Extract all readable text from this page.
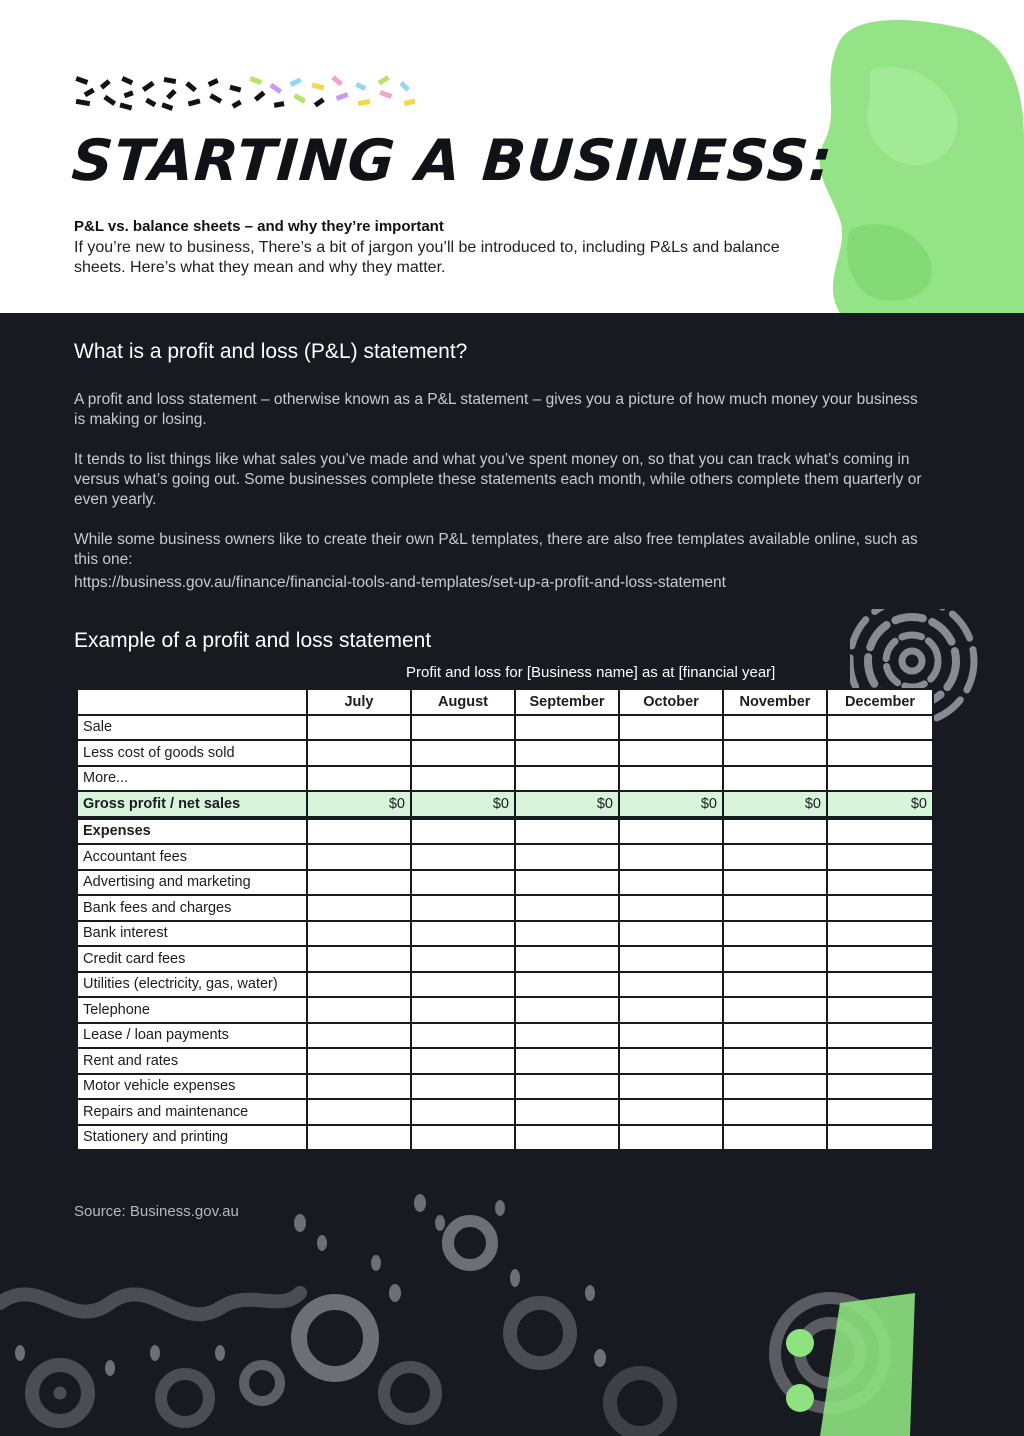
STARTING A BUSINESS:

P&L vs. balance sheets – and why they’re important

If you’re new to business, There’s a bit of jargon you’ll be introduced to, including P&Ls and balance sheets. Here’s what they mean and why they matter.

What is a profit and loss (P&L) statement?

A profit and loss statement – otherwise known as a P&L statement – gives you a picture of how much money your business is making or losing.

It tends to list things like what sales you’ve made and what you’ve spent money on, so that you can track what’s coming in versus what’s going out. Some businesses complete these statements each month, while others complete them quarterly or even yearly.

While some business owners like to create their own P&L templates, there are also free templates available online, such as this one:

https://business.gov.au/finance/financial-tools-and-templates/set-up-a-profit-and-loss-statement

Example of a profit and loss statement

Profit and loss for [Business name] as at [financial year]

	July	August	September	October	November	December
Sale						
Less cost of goods sold						
More...						
Gross profit / net sales	$0	$0	$0	$0	$0	$0
Expenses						
Accountant fees						
Advertising and marketing						
Bank fees and charges						
Bank interest						
Credit card fees						
Utilities (electricity, gas, water)						
Telephone						
Lease / loan payments						
Rent and rates						
Motor vehicle expenses						
Repairs and maintenance						
Stationery and printing						

Source: Business.gov.au
